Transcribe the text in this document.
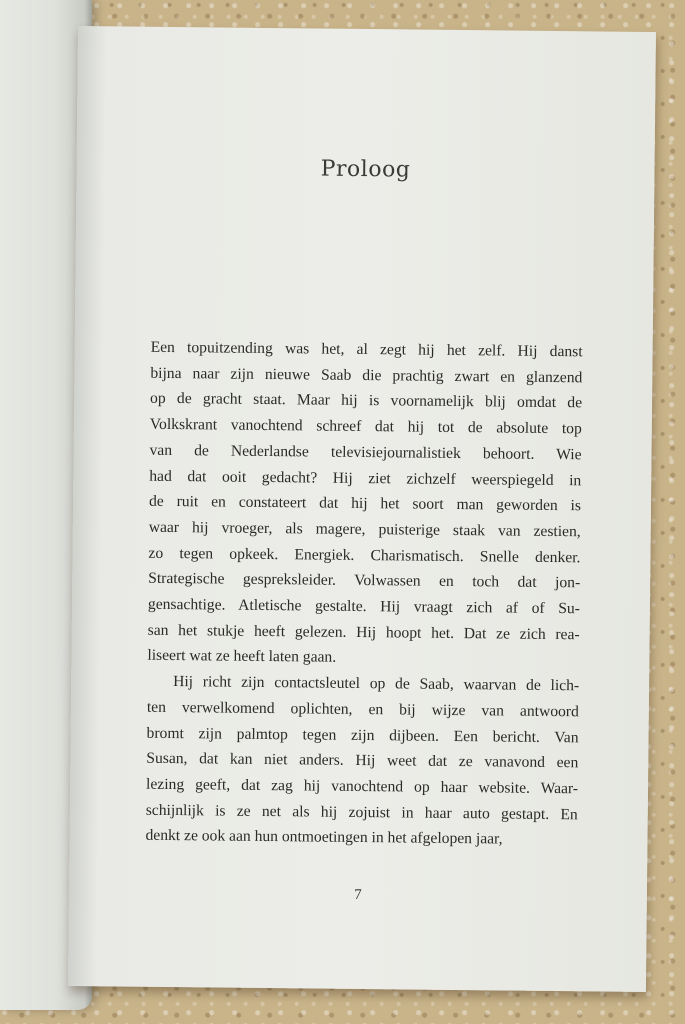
Proloog

Een topuitzending was het, al zegt hij het zelf. Hij danst
bijna naar zijn nieuwe Saab die prachtig zwart en glanzend
op de gracht staat. Maar hij is voornamelijk blij omdat de
Volkskrant vanochtend schreef dat hij tot de absolute top
van de Nederlandse televisiejournalistiek behoort. Wie
had dat ooit gedacht? Hij ziet zichzelf weerspiegeld in
de ruit en constateert dat hij het soort man geworden is
waar hij vroeger, als magere, puisterige staak van zestien,
zo tegen opkeek. Energiek. Charismatisch. Snelle denker.
Strategische gespreksleider. Volwassen en toch dat jon-
gensachtige. Atletische gestalte. Hij vraagt zich af of Su-
san het stukje heeft gelezen. Hij hoopt het. Dat ze zich rea-
liseert wat ze heeft laten gaan.
Hij richt zijn contactsleutel op de Saab, waarvan de lich-
ten verwelkomend oplichten, en bij wijze van antwoord
bromt zijn palmtop tegen zijn dijbeen. Een bericht. Van
Susan, dat kan niet anders. Hij weet dat ze vanavond een
lezing geeft, dat zag hij vanochtend op haar website. Waar-
schijnlijk is ze net als hij zojuist in haar auto gestapt. En
denkt ze ook aan hun ontmoetingen in het afgelopen jaar,

7
